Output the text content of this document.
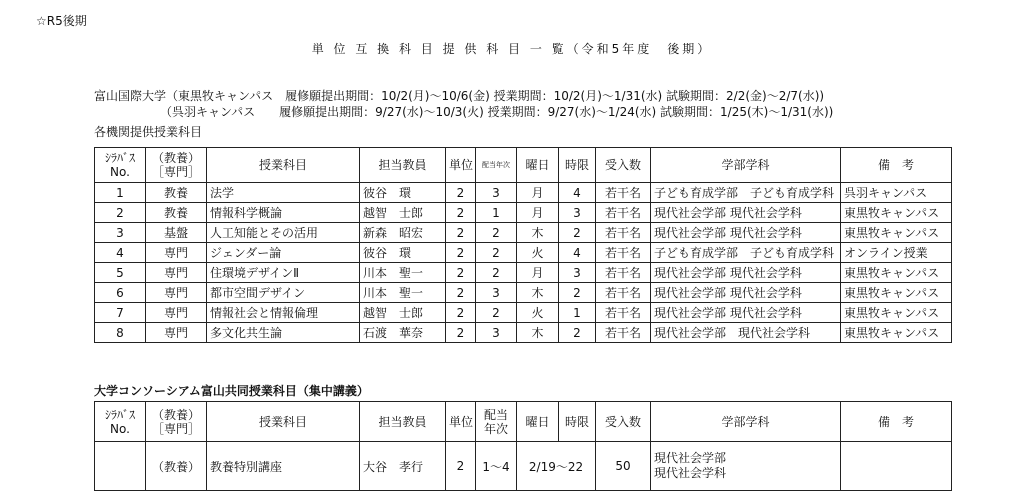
☆R5後期
単 位 互 換 科 目 提 供 科 目 一 覧（令和5年度　後期）
富山国際大学（東黒牧キャンパス　履修願提出期間：10/2(月)～10/6(金) 授業期間：10/2(月)～1/31(水) 試験期間：2/2(金)～2/7(水))
（呉羽キャンパス　　履修願提出期間：9/27(水)～10/3(火) 授業期間：9/27(水)～1/24(水) 試験期間：1/25(木)～1/31(水))
各機関提供授業科目
ｼﾗﾊﾞｽ
No.	（教養）
［専門］	授業科目	担当教員	単位	配当年次	曜日	時限	受入数	学部学科	備　考
1	教養	法学	彼谷　環	2	3	月	4	若干名	子ども育成学部　子ども育成学科	呉羽キャンパス
2	教養	情報科学概論	越智　士郎	2	1	月	3	若干名	現代社会学部 現代社会学科	東黒牧キャンパス
3	基盤	人工知能とその活用	新森　昭宏	2	2	木	2	若干名	現代社会学部 現代社会学科	東黒牧キャンパス
4	専門	ジェンダー論	彼谷　環	2	2	火	4	若干名	子ども育成学部　子ども育成学科	オンライン授業
5	専門	住環境デザインⅡ	川本　聖一	2	2	月	3	若干名	現代社会学部 現代社会学科	東黒牧キャンパス
6	専門	都市空間デザイン	川本　聖一	2	3	木	2	若干名	現代社会学部 現代社会学科	東黒牧キャンパス
7	専門	情報社会と情報倫理	越智　士郎	2	2	火	1	若干名	現代社会学部 現代社会学科	東黒牧キャンパス
8	専門	多文化共生論	石渡　華奈	2	3	木	2	若干名	現代社会学部　現代社会学科	東黒牧キャンパス
大学コンソーシアム富山共同授業科目（集中講義）
ｼﾗﾊﾞｽ
No.	（教養）
［専門］	授業科目	担当教員	単位	配当
年次	曜日	時限	受入数	学部学科	備　考
	（教養）	教養特別講座	大谷　孝行	2	1～4	2/19～22		50	現代社会学部
現代社会学科	
